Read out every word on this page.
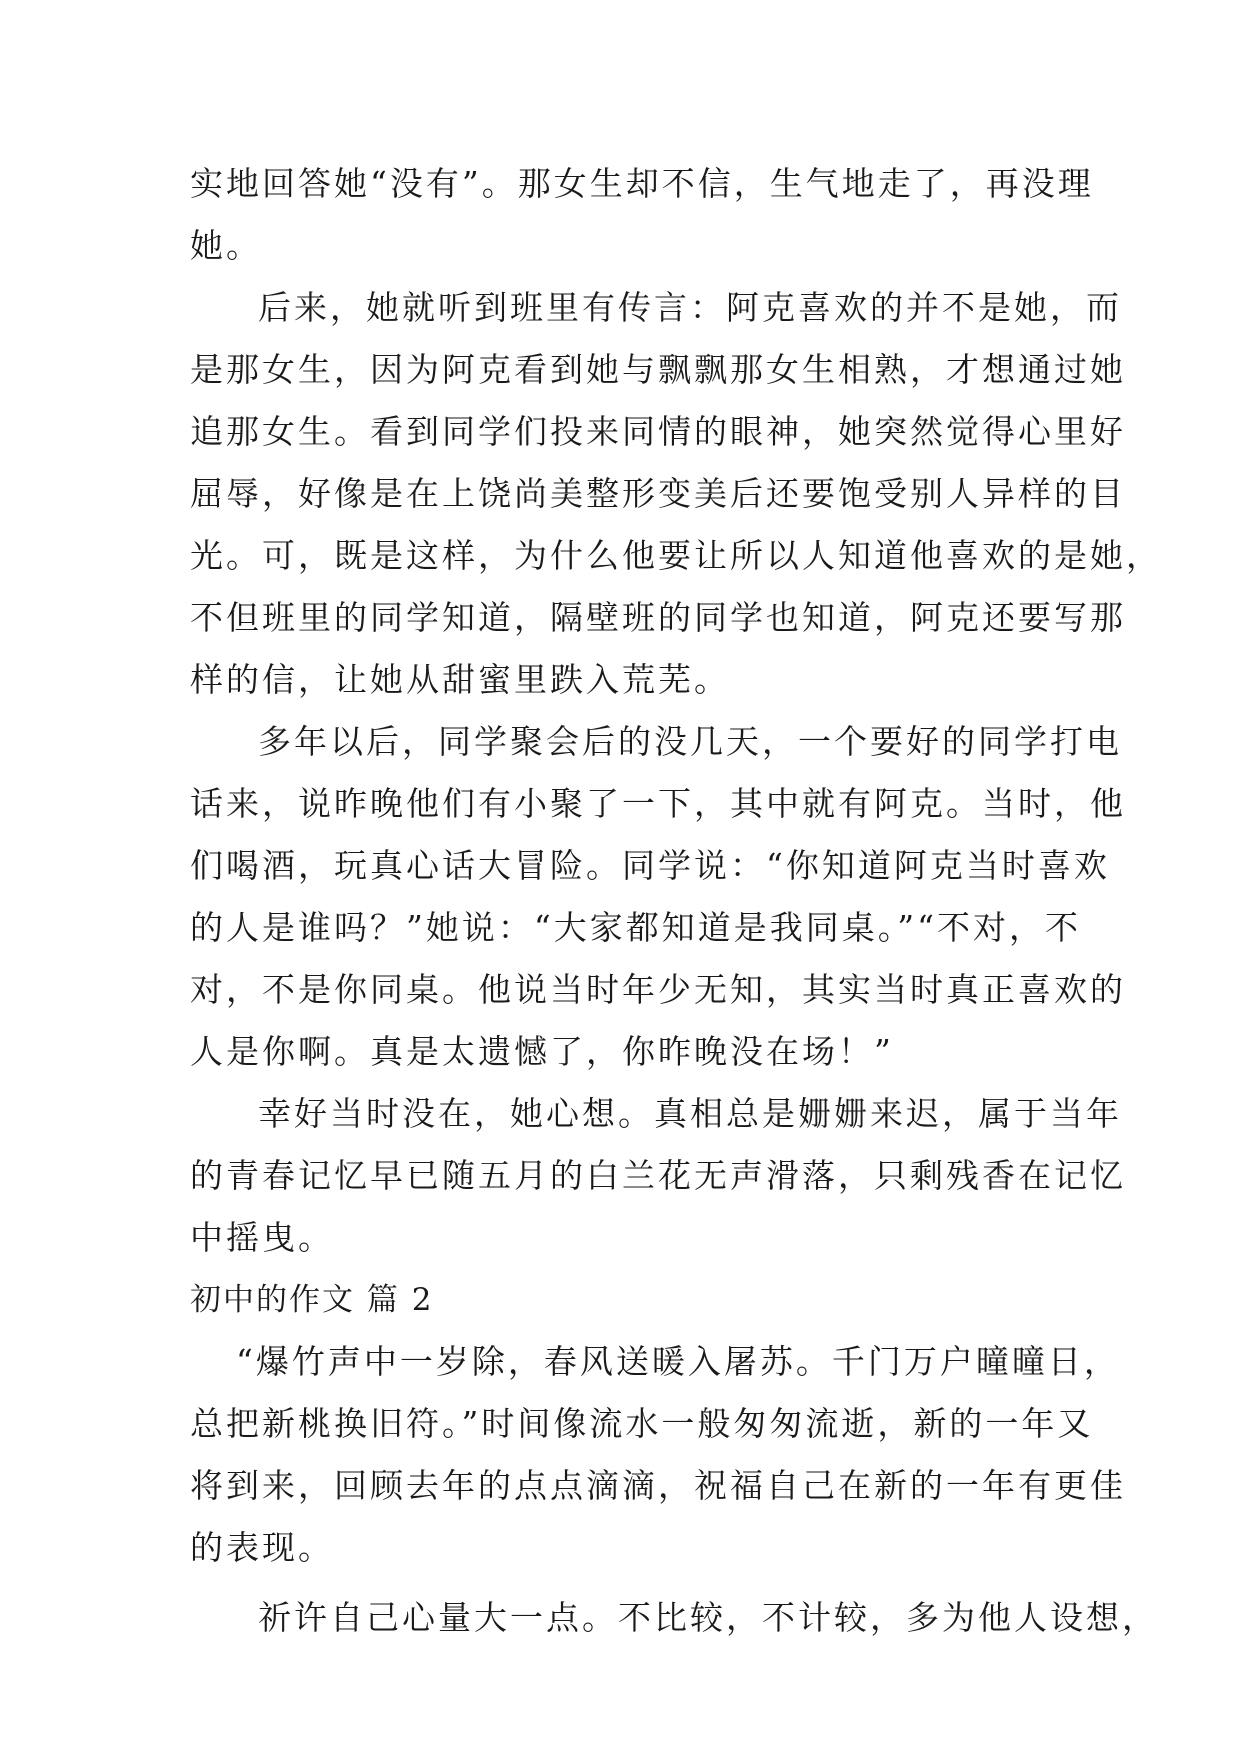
实地回答她“没有”。那女生却不信，生气地走了，再没理
她。
后来，她就听到班里有传言：阿克喜欢的并不是她，而
是那女生，因为阿克看到她与飘飘那女生相熟，才想通过她
追那女生。看到同学们投来同情的眼神，她突然觉得心里好
屈辱，好像是在上饶尚美整形变美后还要饱受别人异样的目
光。可，既是这样，为什么他要让所以人知道他喜欢的是她，
不但班里的同学知道，隔壁班的同学也知道，阿克还要写那
样的信，让她从甜蜜里跌入荒芜。
多年以后，同学聚会后的没几天，一个要好的同学打电
话来，说昨晚他们有小聚了一下，其中就有阿克。当时，他
们喝酒，玩真心话大冒险。同学说：“你知道阿克当时喜欢
的人是谁吗？”她说：“大家都知道是我同桌。”“不对，不
对，不是你同桌。他说当时年少无知，其实当时真正喜欢的
人是你啊。真是太遗憾了，你昨晚没在场！”
幸好当时没在，她心想。真相总是姗姗来迟，属于当年
的青春记忆早已随五月的白兰花无声滑落，只剩残香在记忆
中摇曳。
初中的作文 篇 2
“爆竹声中一岁除，春风送暖入屠苏。千门万户曈曈日，
总把新桃换旧符。”时间像流水一般匆匆流逝，新的一年又
将到来，回顾去年的点点滴滴，祝福自己在新的一年有更佳
的表现。
祈许自己心量大一点。不比较，不计较，多为他人设想，
